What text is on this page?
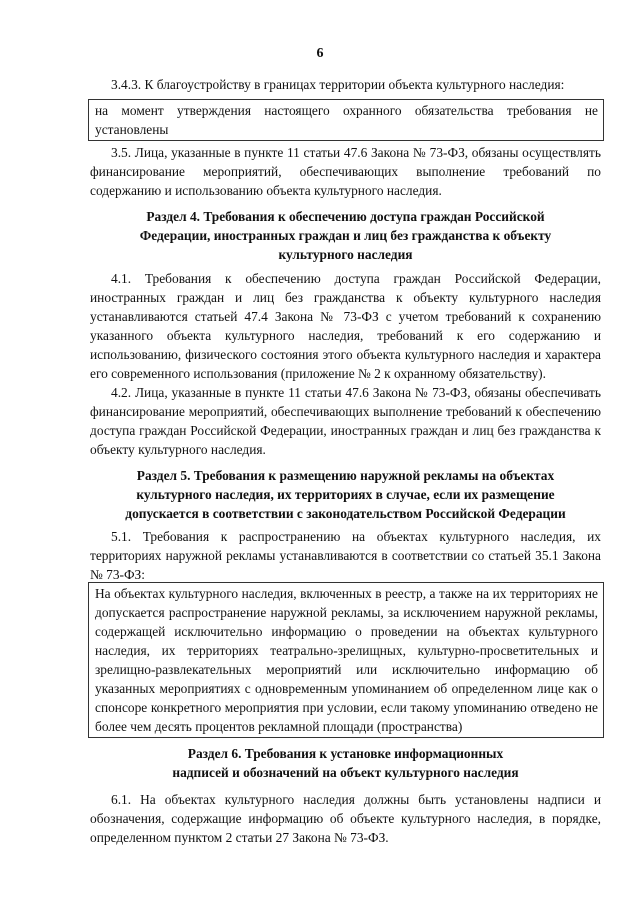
6

3.4.3. К благоустройству в границах территории объекта культурного наследия:

на момент утверждения настоящего охранного обязательства требования не установлены

3.5. Лица, указанные в пункте 11 статьи 47.6 Закона № 73-ФЗ, обязаны осуществлять финансирование мероприятий, обеспечивающих выполнение требований по содержанию и использованию объекта культурного наследия.

Раздел 4. Требования к обеспечению доступа граждан Российской Федерации, иностранных граждан и лиц без гражданства к объекту культурного наследия

4.1. Требования к обеспечению доступа граждан Российской Федерации, иностранных граждан и лиц без гражданства к объекту культурного наследия устанавливаются статьей 47.4 Закона № 73-ФЗ с учетом требований к сохранению указанного объекта культурного наследия, требований к его содержанию и использованию, физического состояния этого объекта культурного наследия и характера его современного использования (приложение № 2 к охранному обязательству).

4.2. Лица, указанные в пункте 11 статьи 47.6 Закона № 73-ФЗ, обязаны обеспечивать финансирование мероприятий, обеспечивающих выполнение требований к обеспечению доступа граждан Российской Федерации, иностранных граждан и лиц без гражданства к объекту культурного наследия.

Раздел 5. Требования к размещению наружной рекламы на объектах культурного наследия, их территориях в случае, если их размещение допускается в соответствии с законодательством Российской Федерации

5.1. Требования к распространению на объектах культурного наследия, их территориях наружной рекламы устанавливаются в соответствии со статьей 35.1 Закона № 73-ФЗ:

На объектах культурного наследия, включенных в реестр, а также на их территориях не допускается распространение наружной рекламы, за исключением наружной рекламы, содержащей исключительно информацию о проведении на объектах культурного наследия, их территориях театрально-зрелищных, культурно-просветительных и зрелищно-развлекательных мероприятий или исключительно информацию об указанных мероприятиях с одновременным упоминанием об определенном лице как о спонсоре конкретного мероприятия при условии, если такому упоминанию отведено не более чем десять процентов рекламной площади (пространства)

Раздел 6. Требования к установке информационных надписей и обозначений на объект культурного наследия

6.1. На объектах культурного наследия должны быть установлены надписи и обозначения, содержащие информацию об объекте культурного наследия, в порядке, определенном пунктом 2 статьи 27 Закона № 73-ФЗ.
